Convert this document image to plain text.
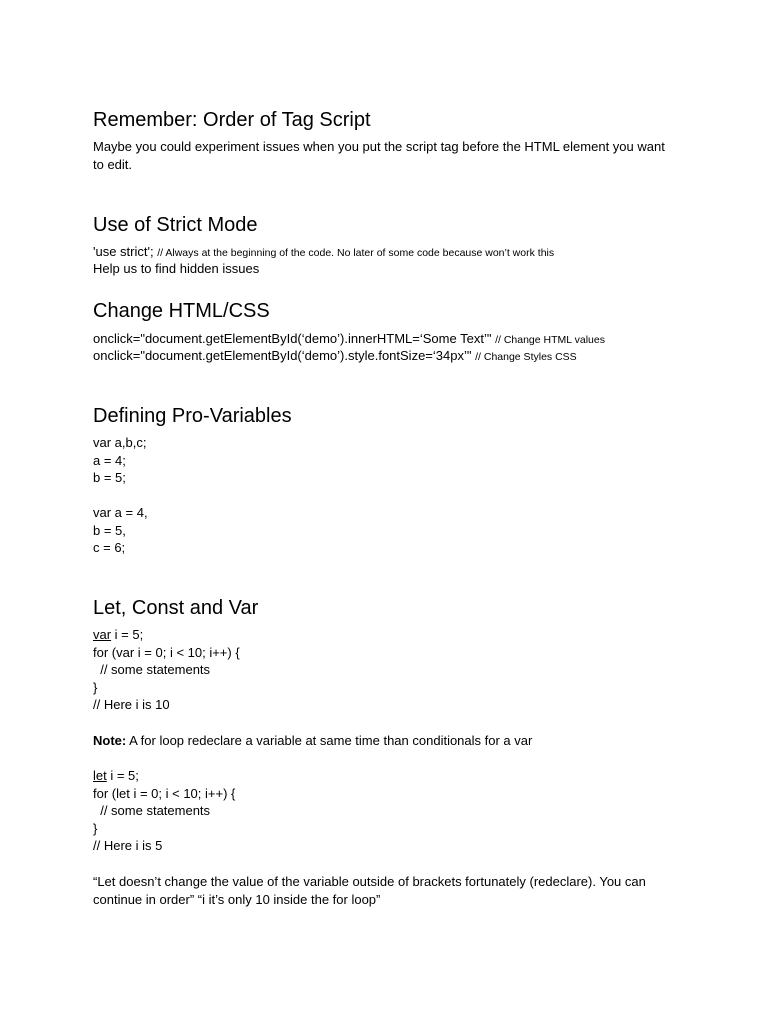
Remember: Order of Tag Script
Maybe you could experiment issues when you put the script tag before the HTML element you want to edit.
Use of Strict Mode
'use strict'; // Always at the beginning of the code. No later of some code because won’t work this
Help us to find hidden issues
Change HTML/CSS
onclick="document.getElementById(‘demo’).innerHTML=‘Some Text’" // Change HTML values
onclick="document.getElementById(‘demo’).style.fontSize=‘34px’" // Change Styles CSS
Defining Pro-Variables
var a,b,c;
a = 4;
b = 5;
var a = 4,
b = 5,
c = 6;
Let, Const and Var
var i = 5;
for (var i = 0; i < 10; i++) {
// some statements
}
// Here i is 10
Note: A for loop redeclare a variable at same time than conditionals for a var
let i = 5;
for (let i = 0; i < 10; i++) {
// some statements
}
// Here i is 5
“Let doesn’t change the value of the variable outside of brackets fortunately (redeclare). You can continue in order” “i it’s only 10 inside the for loop”
